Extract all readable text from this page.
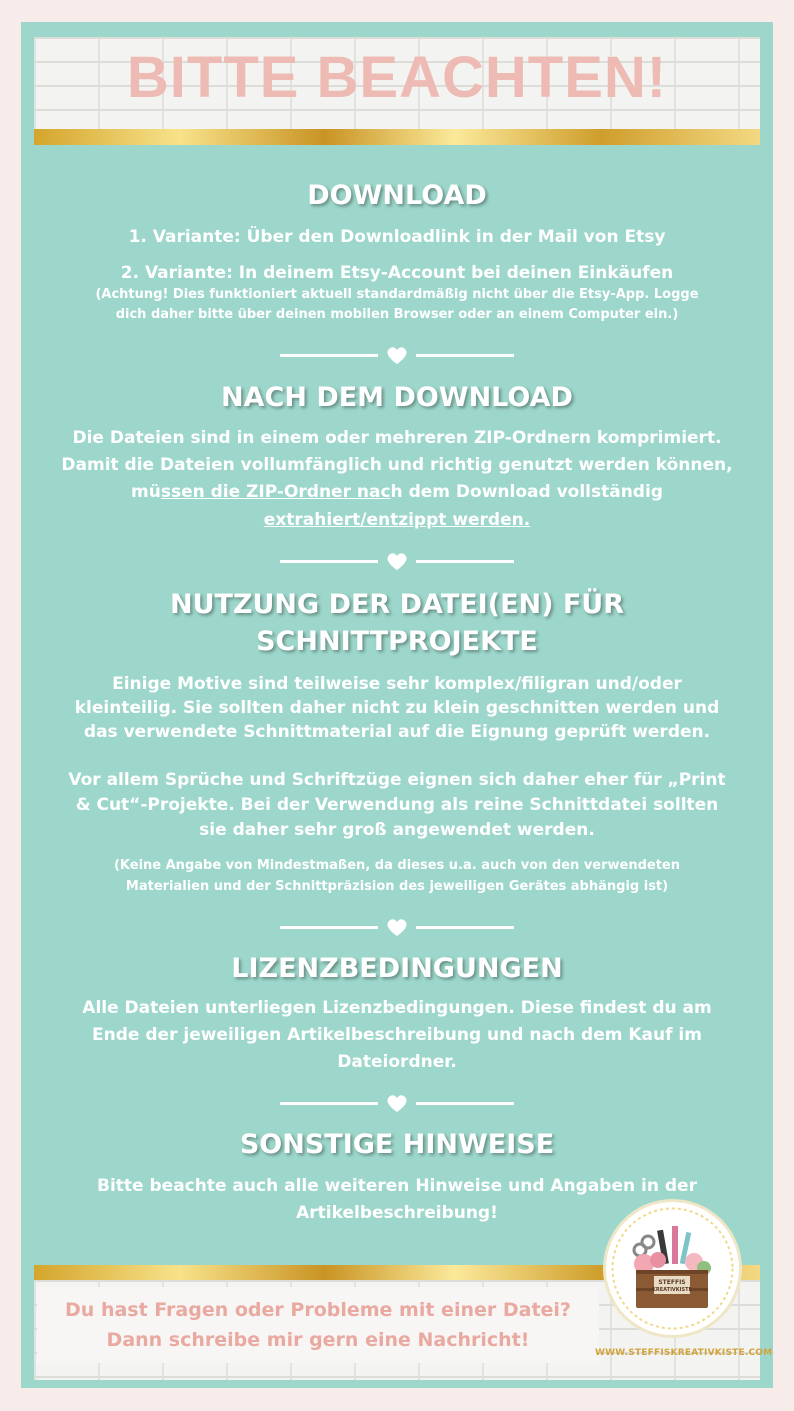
BITTE BEACHTEN!
DOWNLOAD
1. Variante: Über den Downloadlink in der Mail von Etsy
2. Variante: In deinem Etsy-Account bei deinen Einkäufen
(Achtung! Dies funktioniert aktuell standardmäßig nicht über die Etsy-App. Logge
dich daher bitte über deinen mobilen Browser oder an einem Computer ein.)
NACH DEM DOWNLOAD
Die Dateien sind in einem oder mehreren ZIP-Ordnern komprimiert.
Damit die Dateien vollumfänglich und richtig genutzt werden können,
müssen die ZIP-Ordner nach dem Download vollständig
extrahiert/entzippt werden.
NUTZUNG DER DATEI(EN) FÜR
SCHNITTPROJEKTE
Einige Motive sind teilweise sehr komplex/filigran und/oder
kleinteilig. Sie sollten daher nicht zu klein geschnitten werden und
das verwendete Schnittmaterial auf die Eignung geprüft werden.
Vor allem Sprüche und Schriftzüge eignen sich daher eher für „Print
& Cut“-Projekte. Bei der Verwendung als reine Schnittdatei sollten
sie daher sehr groß angewendet werden.
(Keine Angabe von Mindestmaßen, da dieses u.a. auch von den verwendeten
Materialien und der Schnittpräzision des jeweiligen Gerätes abhängig ist)
LIZENZBEDINGUNGEN
Alle Dateien unterliegen Lizenzbedingungen. Diese findest du am
Ende der jeweiligen Artikelbeschreibung und nach dem Kauf im
Dateiordner.
SONSTIGE HINWEISE
Bitte beachte auch alle weiteren Hinweise und Angaben in der
Artikelbeschreibung!
Du hast Fragen oder Probleme mit einer Datei?
Dann schreibe mir gern eine Nachricht!
STEFFIS
KREATIVKISTE
WWW.STEFFISKREATIVKISTE.COM
